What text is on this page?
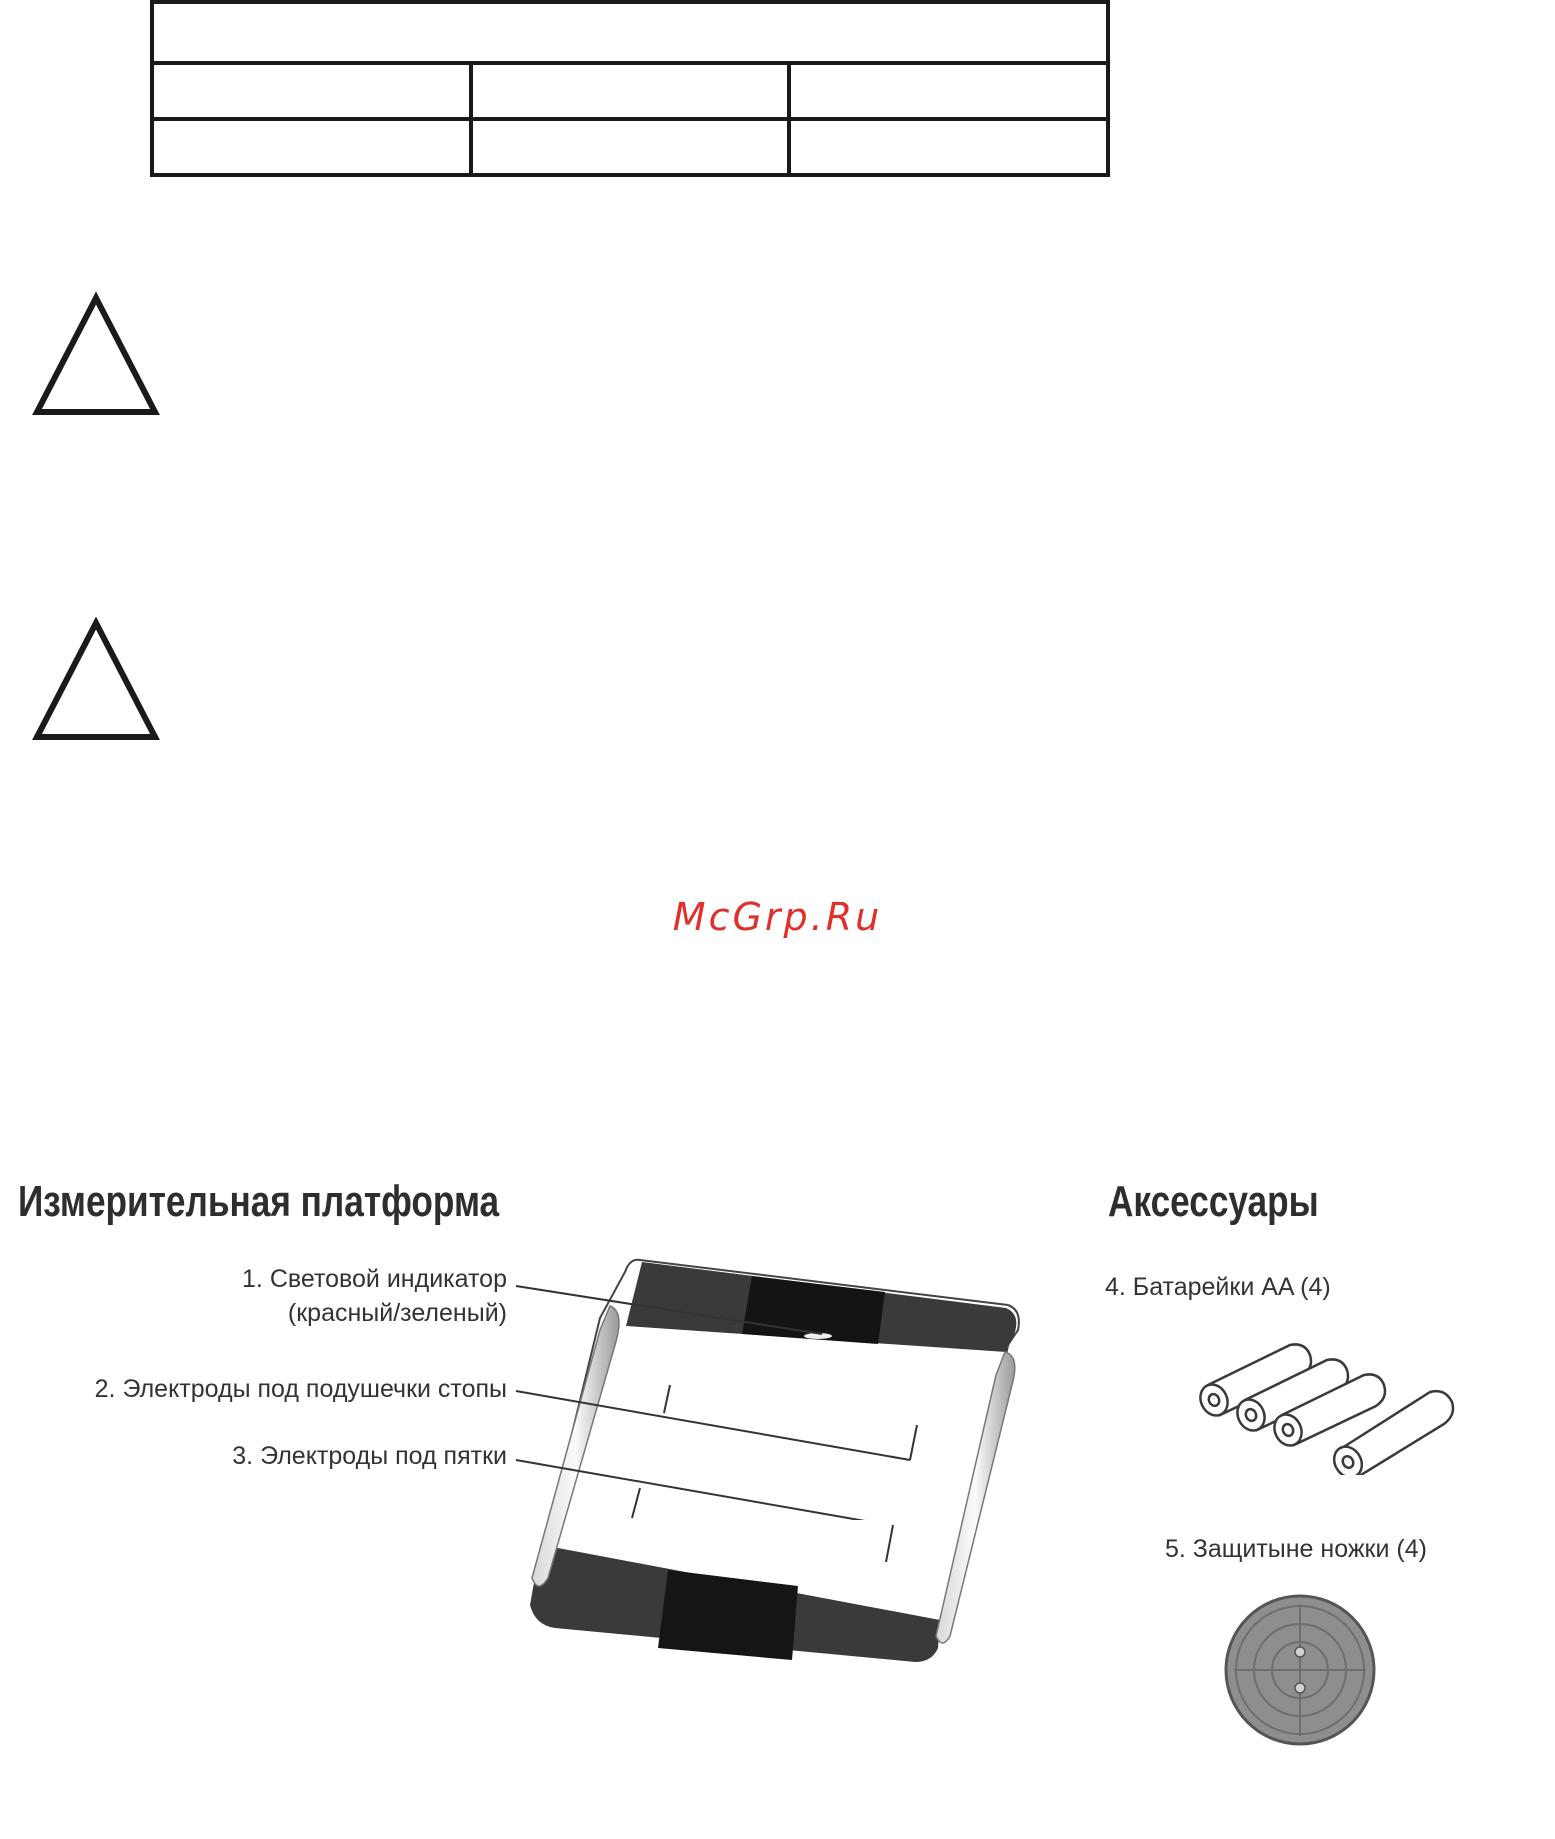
McGrp.Ru
Измерительная платформа	Аксессуары
1. Световой индикатор
(красный/зеленый)
2. Электроды под подушечки стопы
3. Электроды под пятки
4. Батарейки AA (4)
5. Защитыне ножки (4)
